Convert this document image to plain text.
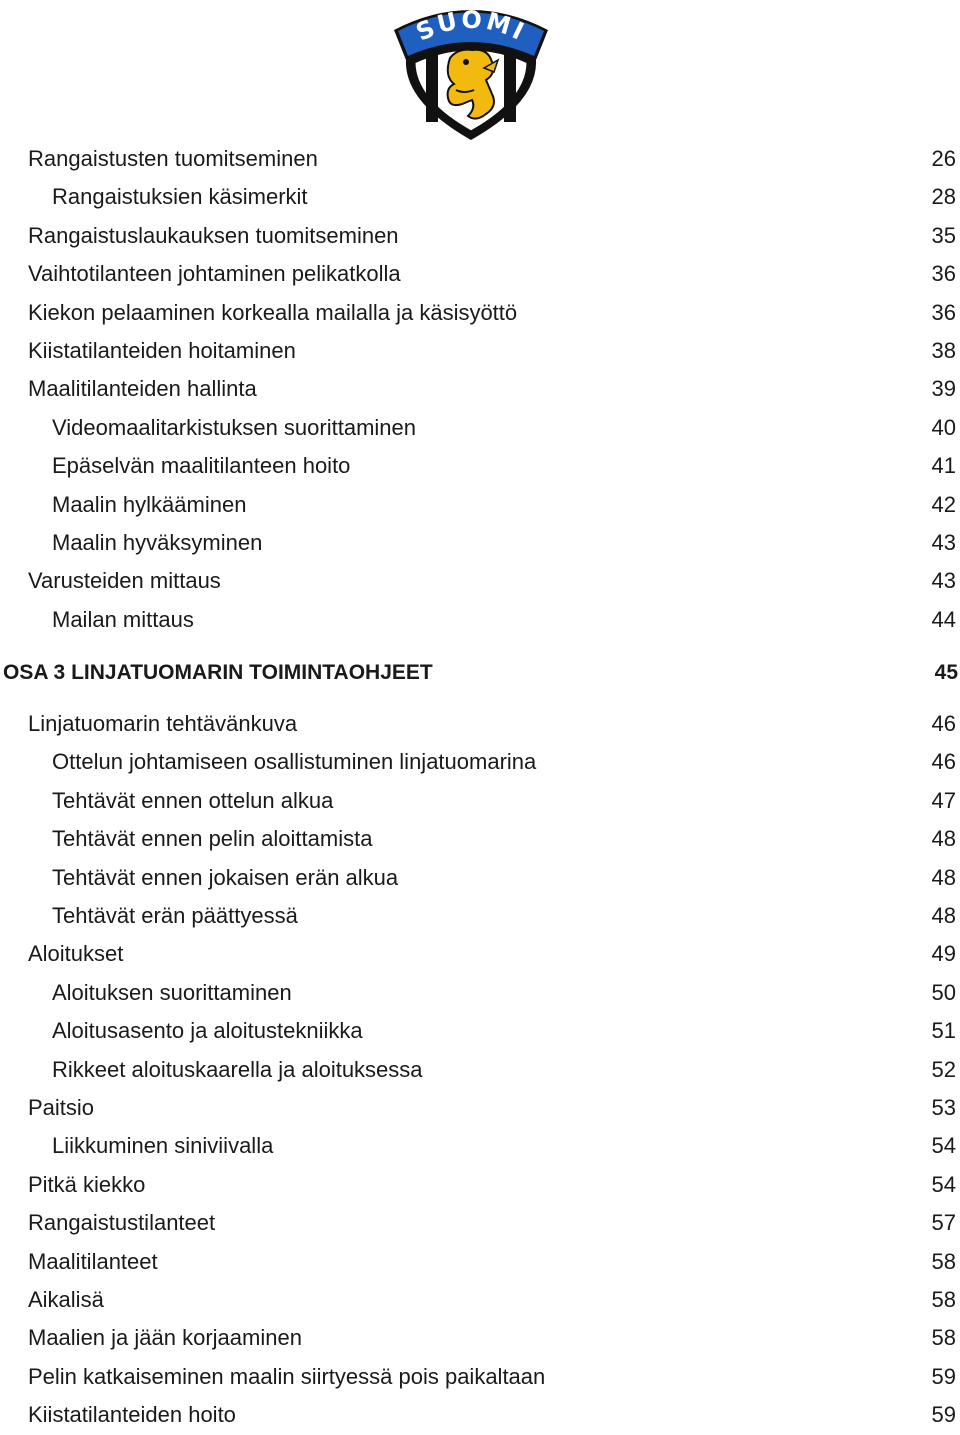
SUOMI
Rangaistusten tuomitseminen	26
Rangaistuksien käsimerkit	28
Rangaistuslaukauksen tuomitseminen	35
Vaihtotilanteen johtaminen pelikatkolla	36
Kiekon pelaaminen korkealla mailalla ja käsisyöttö	36
Kiistatilanteiden hoitaminen	38
Maalitilanteiden hallinta	39
Videomaalitarkistuksen suorittaminen	40
Epäselvän maalitilanteen hoito	41
Maalin hylkääminen	42
Maalin hyväksyminen	43
Varusteiden mittaus	43
Mailan mittaus	44
OSA 3 LINJATUOMARIN TOIMINTAOHJEET	45
Linjatuomarin tehtävänkuva	46
Ottelun johtamiseen osallistuminen linjatuomarina	46
Tehtävät ennen ottelun alkua	47
Tehtävät ennen pelin aloittamista	48
Tehtävät ennen jokaisen erän alkua	48
Tehtävät erän päättyessä	48
Aloitukset	49
Aloituksen suorittaminen	50
Aloitusasento ja aloitustekniikka	51
Rikkeet aloituskaarella ja aloituksessa	52
Paitsio	53
Liikkuminen siniviivalla	54
Pitkä kiekko	54
Rangaistustilanteet	57
Maalitilanteet	58
Aikalisä	58
Maalien ja jään korjaaminen	58
Pelin katkaiseminen maalin siirtyessä pois paikaltaan	59
Kiistatilanteiden hoito	59
